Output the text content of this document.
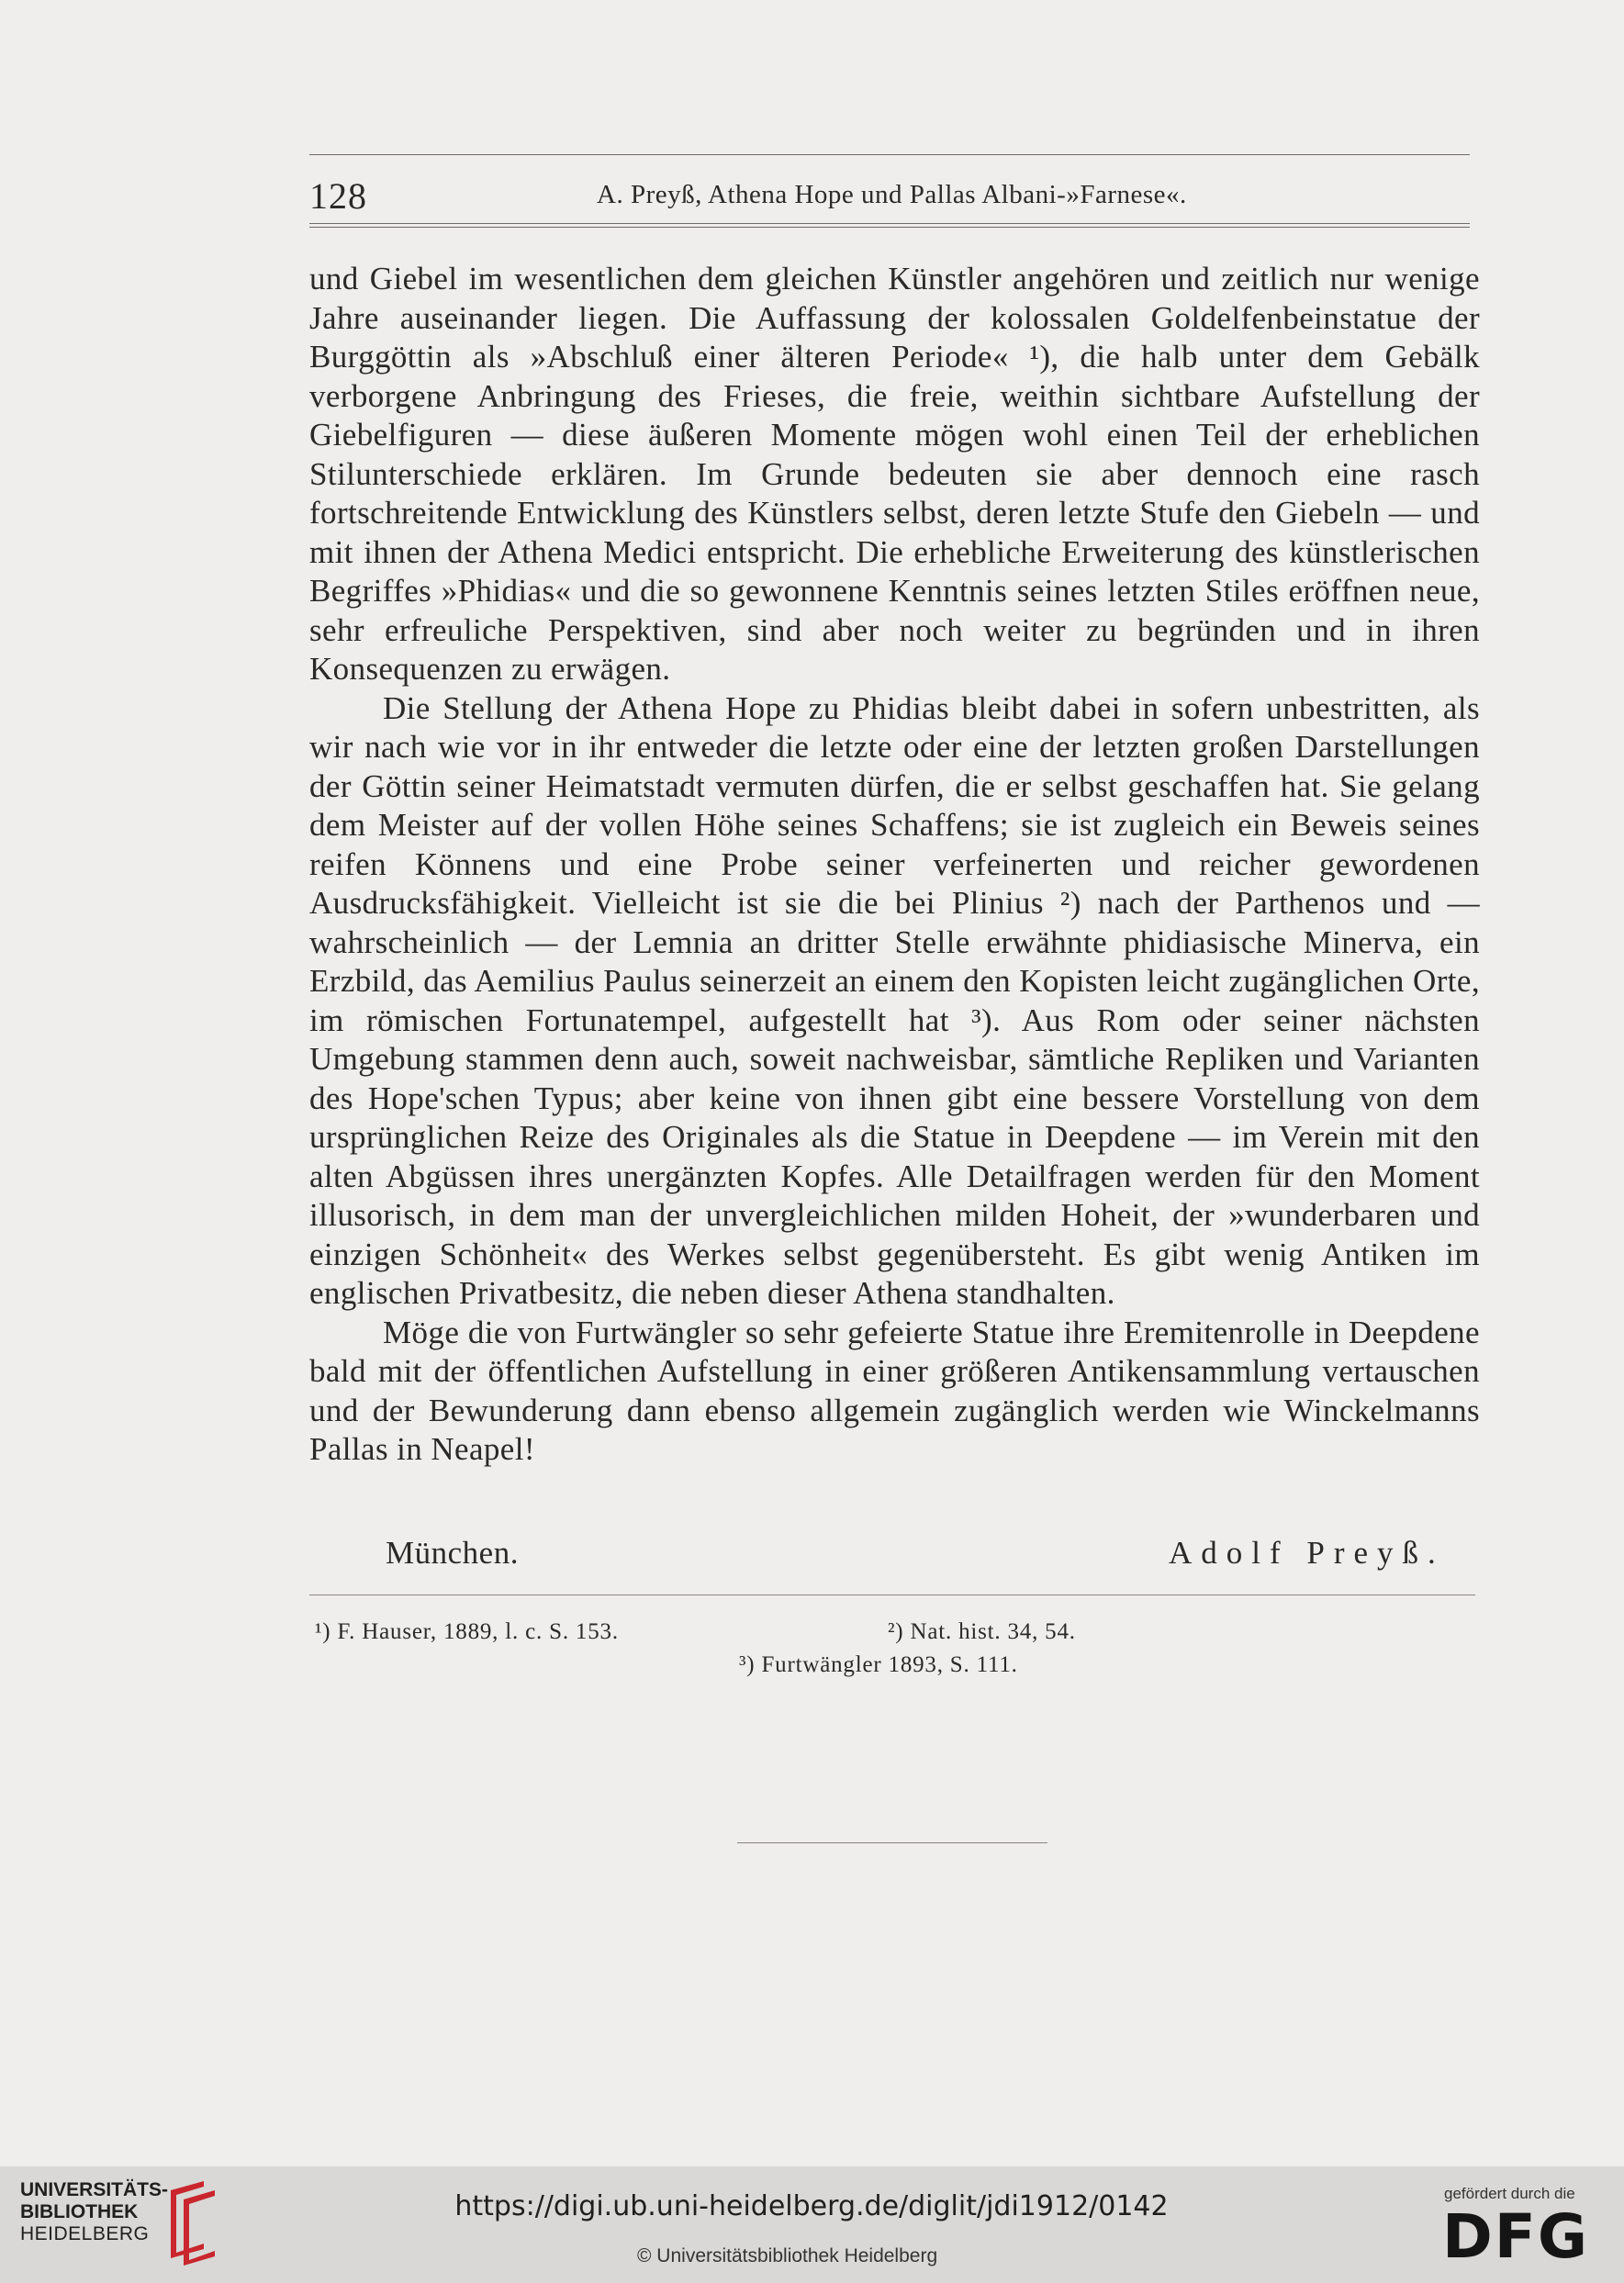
128	A. Preyß, Athena Hope und Pallas Albani-»Farnese«.

und Giebel im wesentlichen dem gleichen Künstler angehören und zeitlich nur wenige Jahre auseinander liegen. Die Auffassung der kolossalen Goldelfenbeinstatue der Burggöttin als »Abschluß einer älteren Periode« ¹), die halb unter dem Gebälk verborgene Anbringung des Frieses, die freie, weithin sichtbare Aufstellung der Giebelfiguren — diese äußeren Momente mögen wohl einen Teil der erheblichen Stilunterschiede erklären. Im Grunde bedeuten sie aber dennoch eine rasch fortschreitende Entwicklung des Künstlers selbst, deren letzte Stufe den Giebeln — und mit ihnen der Athena Medici entspricht. Die erhebliche Erweiterung des künstlerischen Begriffes »Phidias« und die so gewonnene Kenntnis seines letzten Stiles eröffnen neue, sehr erfreuliche Perspektiven, sind aber noch weiter zu begründen und in ihren Konsequenzen zu erwägen.

Die Stellung der Athena Hope zu Phidias bleibt dabei in sofern unbestritten, als wir nach wie vor in ihr entweder die letzte oder eine der letzten großen Darstellungen der Göttin seiner Heimatstadt vermuten dürfen, die er selbst geschaffen hat. Sie gelang dem Meister auf der vollen Höhe seines Schaffens; sie ist zugleich ein Beweis seines reifen Könnens und eine Probe seiner verfeinerten und reicher gewordenen Ausdrucksfähigkeit. Vielleicht ist sie die bei Plinius ²) nach der Parthenos und — wahrscheinlich — der Lemnia an dritter Stelle erwähnte phidiasische Minerva, ein Erzbild, das Aemilius Paulus seinerzeit an einem den Kopisten leicht zugänglichen Orte, im römischen Fortunatempel, aufgestellt hat ³). Aus Rom oder seiner nächsten Umgebung stammen denn auch, soweit nachweisbar, sämtliche Repliken und Varianten des Hope'schen Typus; aber keine von ihnen gibt eine bessere Vorstellung von dem ursprünglichen Reize des Originales als die Statue in Deepdene — im Verein mit den alten Abgüssen ihres unergänzten Kopfes. Alle Detailfragen werden für den Moment illusorisch, in dem man der unvergleichlichen milden Hoheit, der »wunderbaren und einzigen Schönheit« des Werkes selbst gegenübersteht. Es gibt wenig Antiken im englischen Privatbesitz, die neben dieser Athena standhalten.

Möge die von Furtwängler so sehr gefeierte Statue ihre Eremitenrolle in Deepdene bald mit der öffentlichen Aufstellung in einer größeren Antikensammlung vertauschen und der Bewunderung dann ebenso allgemein zugänglich werden wie Winckelmanns Pallas in Neapel!

München.	Adolf Preyß.
¹) F. Hauser, 1889, l. c. S. 153.	²) Nat. hist. 34, 54.
³) Furtwängler 1893, S. 111.
UNIVERSITÄTS-
BIBLIOTHEK
HEIDELBERG
https://digi.ub.uni-heidelberg.de/diglit/jdi1912/0142
© Universitätsbibliothek Heidelberg
gefördert durch die
DFG
